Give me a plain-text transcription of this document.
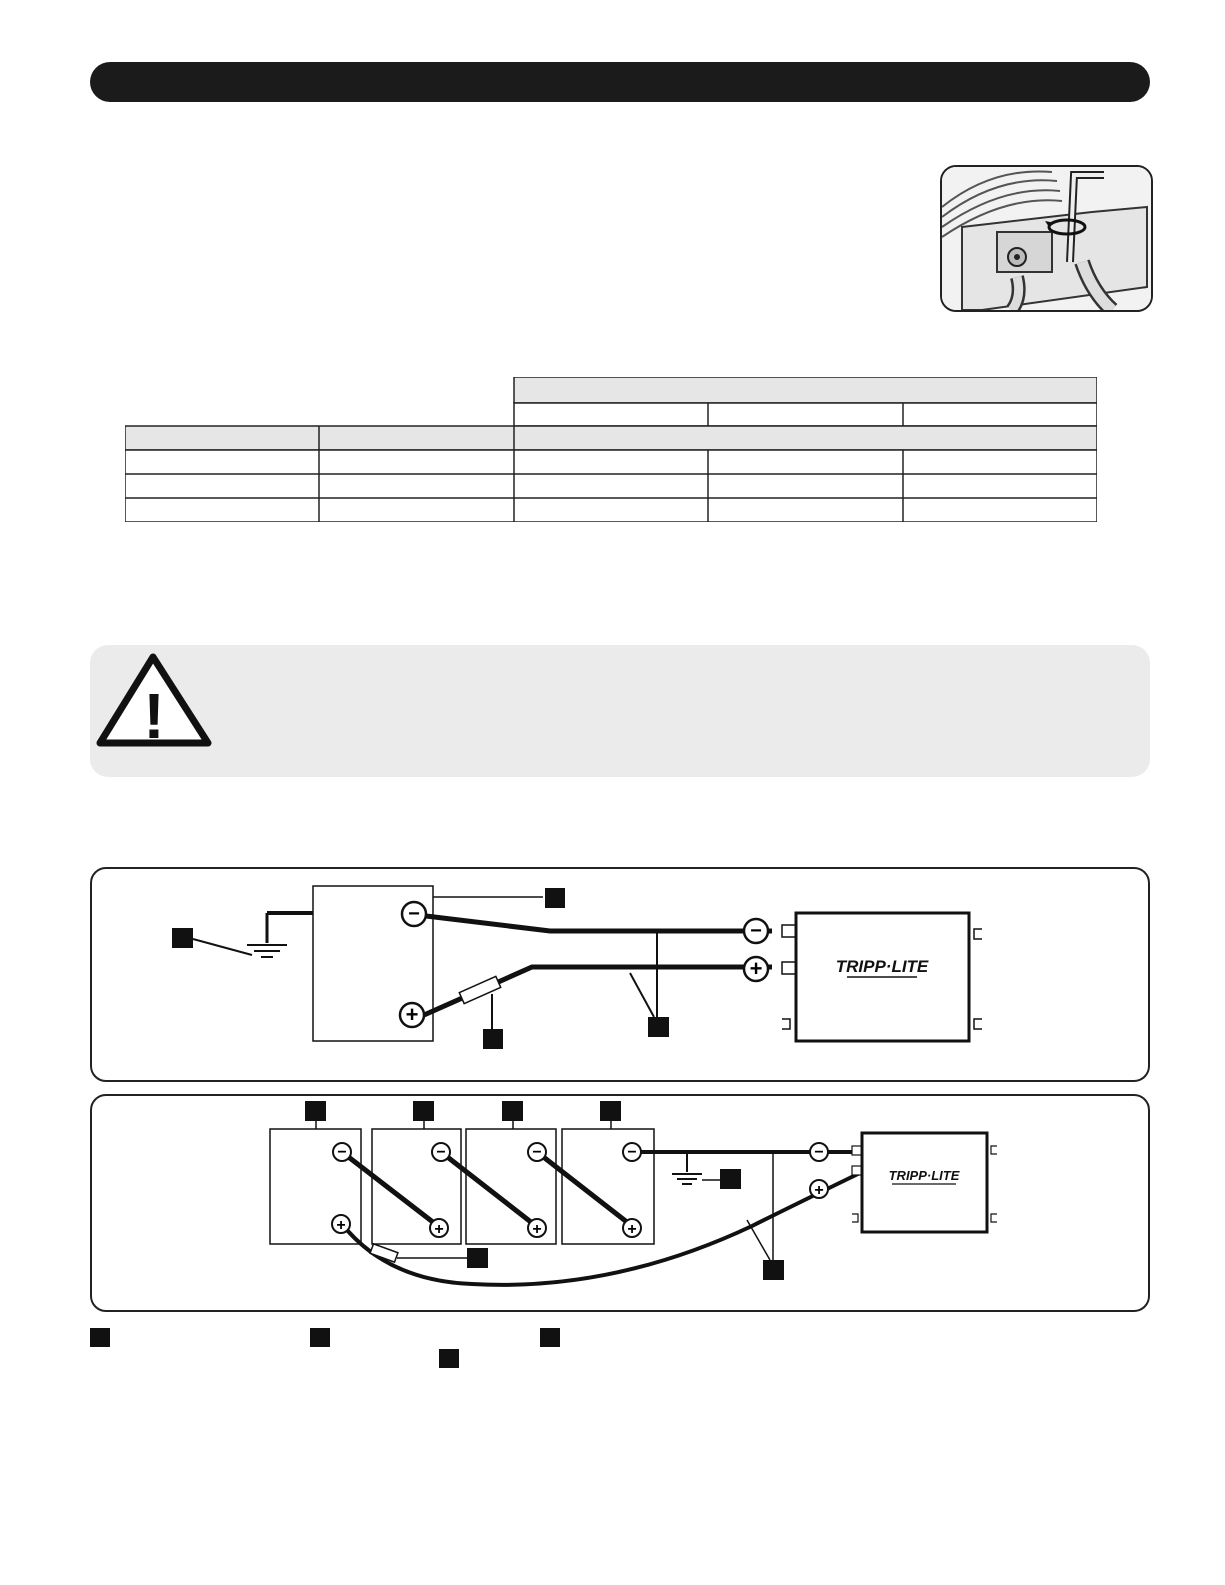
!
−
+
−
+	TRIPP·LITE
−	−	−	−
+	+	+	+
−
+
TRIPP·LITE
